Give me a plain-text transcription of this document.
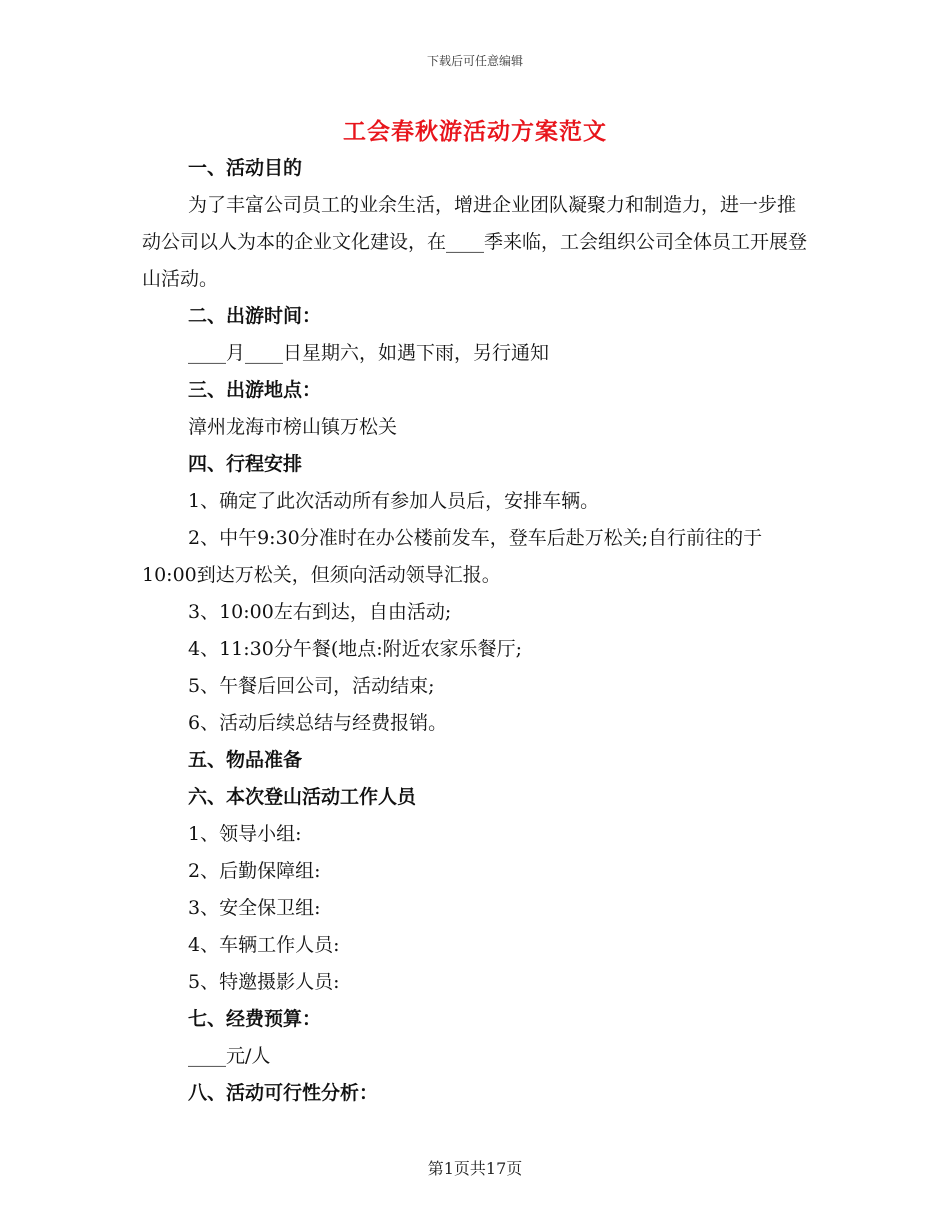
下载后可任意编辑
工会春秋游活动方案范文
一、活动目的
为了丰富公司员工的业余生活，增进企业团队凝聚力和制造力，进一步推动公司以人为本的企业文化建设，在____季来临，工会组织公司全体员工开展登山活动。
二、出游时间：
____月____日星期六，如遇下雨，另行通知
三、出游地点：
漳州龙海市榜山镇万松关
四、行程安排
1、确定了此次活动所有参加人员后，安排车辆。
2、中午9:30分准时在办公楼前发车，登车后赴万松关;自行前往的于10:00到达万松关，但须向活动领导汇报。
3、10:00左右到达，自由活动;
4、11:30分午餐(地点:附近农家乐餐厅;
5、午餐后回公司，活动结束;
6、活动后续总结与经费报销。
五、物品准备
六、本次登山活动工作人员
1、领导小组:
2、后勤保障组:
3、安全保卫组:
4、车辆工作人员:
5、特邀摄影人员:
七、经费预算：
____元/人
八、活动可行性分析：
第1页共17页
